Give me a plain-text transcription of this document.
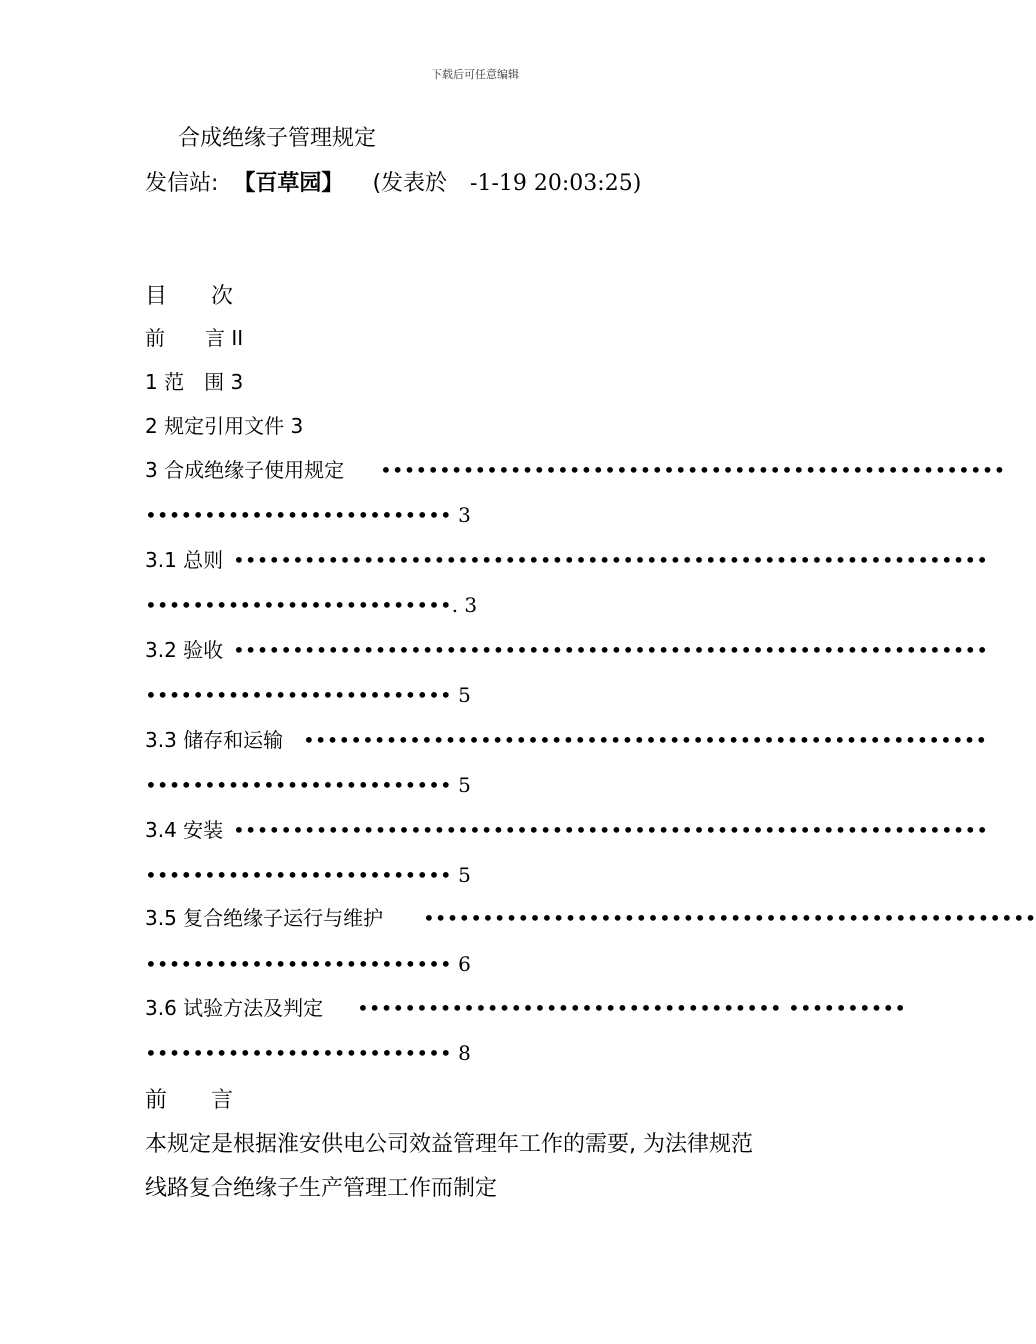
下载后可任意编辑
合成绝缘子管理规定
发信站: 【百草园】 (发表於 -1-19 20:03:25)
目　　次
前　　言 II
1 范　围 3
2 规定引用文件 3
3 合成绝缘子使用规定 •••••••••••••••••••••••••••••••••••••••••••••••••••••
•••••••••••••••••••••••••• 3
3.1 总则 ••••••••••••••••••••••••••••••••••••••••••••••••••••••••••••••••
••••••••••••••••••••••••••. 3
3.2 验收 ••••••••••••••••••••••••••••••••••••••••••••••••••••••••••••••••
•••••••••••••••••••••••••• 5
3.3 储存和运输 ••••••••••••••••••••••••••••••••••••••••••••••••••••••••••
•••••••••••••••••••••••••• 5
3.4 安装 ••••••••••••••••••••••••••••••••••••••••••••••••••••••••••••••••
•••••••••••••••••••••••••• 5
3.5 复合绝缘子运行与维护 ••••••••••••••••••••••••••••••••••••••••••••••••••••
•••••••••••••••••••••••••• 6
3.6 试验方法及判定 •••••••••••••••••••••••••••••••••••• ••••••••••
•••••••••••••••••••••••••• 8
前　　言
本规定是根据淮安供电公司效益管理年工作的需要, 为法律规范
线路复合绝缘子生产管理工作而制定
